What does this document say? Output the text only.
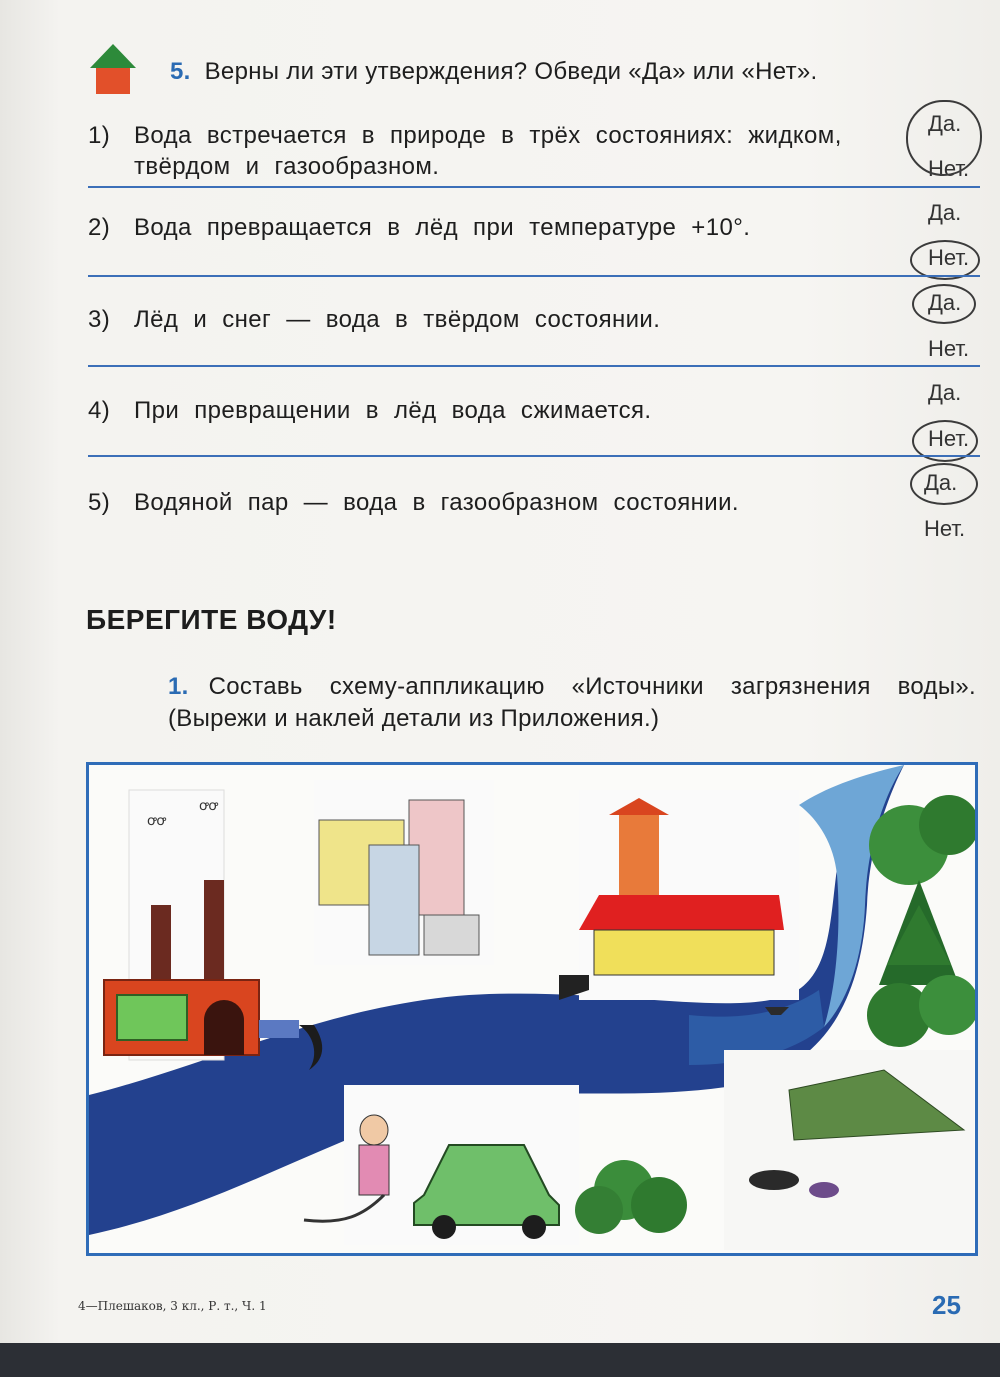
5. Верны ли эти утверждения? Обведи «Да» или «Нет».
1) Вода встречается в природе в трёх состояниях: жидком, твёрдом и газообразном.
Да.
Нет.
2) Вода превращается в лёд при температуре +10°.
Да.
Нет.
3) Лёд и снег — вода в твёрдом состоянии.
Да.
Нет.
4) При превращении в лёд вода сжимается.
Да.
Нет.
5) Водяной пар — вода в газообразном состоянии.
Да.
Нет.
БЕРЕГИТЕ ВОДУ!
1. Составь схему-аппликацию «Источники загрязнения воды». (Вырежи и наклей детали из Приложения.)
ꝍꝍ
ꝍꝍ
4—Плешаков, 3 кл., Р. т., Ч. 1	25
